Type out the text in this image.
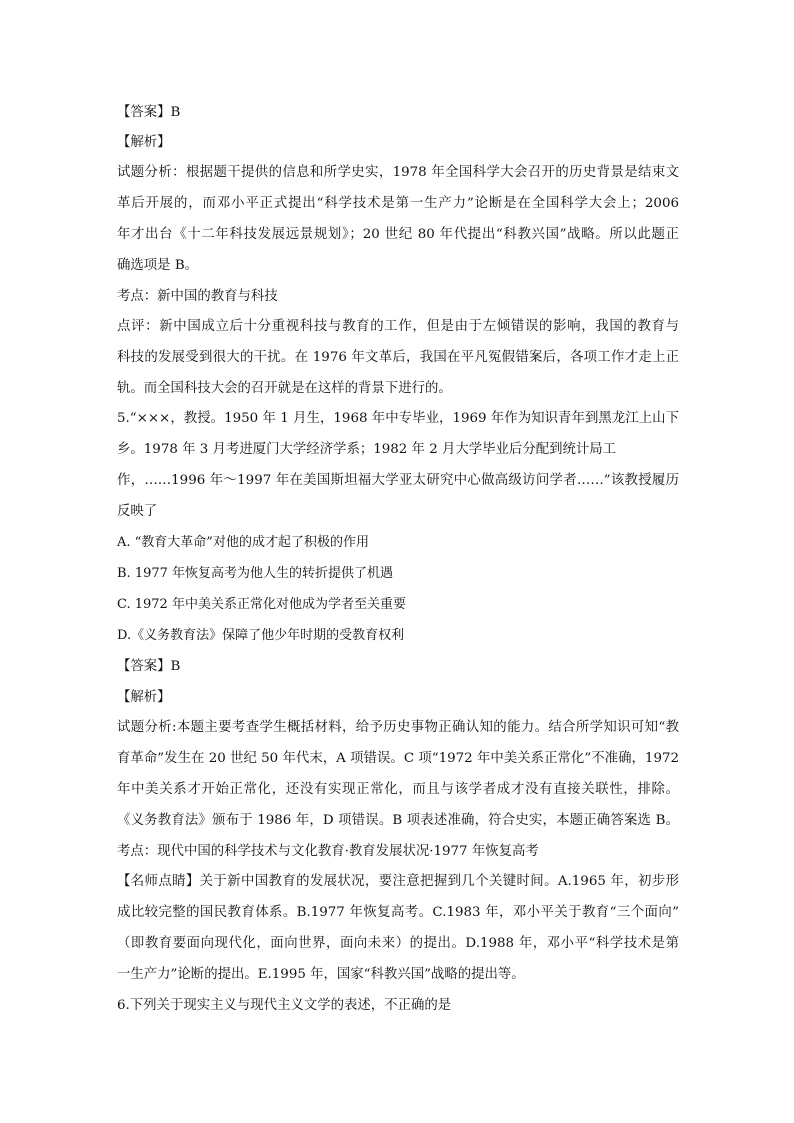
【答案】B
【解析】
试题分析：根据题干提供的信息和所学史实，1978 年全国科学大会召开的历史背景是结束文
革后开展的，而邓小平正式提出“科学技术是第一生产力”论断是在全国科学大会上；2006
年才出台《十二年科技发展远景规划》；20 世纪 80 年代提出“科教兴国”战略。所以此题正
确选项是 B。
考点：新中国的教育与科技
点评：新中国成立后十分重视科技与教育的工作，但是由于左倾错误的影响，我国的教育与
科技的发展受到很大的干扰。在 1976 年文革后，我国在平凡冤假错案后，各项工作才走上正
轨。而全国科技大会的召开就是在这样的背景下进行的。
5.“×××，教授。1950 年 1 月生，1968 年中专毕业，1969 年作为知识青年到黑龙江上山下
乡。1978 年 3 月考进厦门大学经济学系；1982 年 2 月大学毕业后分配到统计局工
作，……1996 年～1997 年在美国斯坦福大学亚太研究中心做高级访问学者……”该教授履历
反映了
A. “教育大革命”对他的成才起了积极的作用
B. 1977 年恢复高考为他人生的转折提供了机遇
C. 1972 年中美关系正常化对他成为学者至关重要
D.《义务教育法》保障了他少年时期的受教育权利
【答案】B
【解析】
试题分析:本题主要考查学生概括材料，给予历史事物正确认知的能力。结合所学知识可知“教
育革命”发生在 20 世纪 50 年代末，A 项错误。C 项“1972 年中美关系正常化”不准确，1972
年中美关系才开始正常化，还没有实现正常化，而且与该学者成才没有直接关联性，排除。
《义务教育法》颁布于 1986 年，D 项错误。B 项表述准确，符合史实，本题正确答案选 B。
考点：现代中国的科学技术与文化教育·教育发展状况·1977 年恢复高考
【名师点睛】关于新中国教育的发展状况，要注意把握到几个关键时间。A.1965 年，初步形
成比较完整的国民教育体系。B.1977 年恢复高考。C.1983 年，邓小平关于教育“三个面向”
（即教育要面向现代化，面向世界，面向未来）的提出。D.1988 年，邓小平“科学技术是第
一生产力”论断的提出。E.1995 年，国家“科教兴国”战略的提出等。
6.下列关于现实主义与现代主义文学的表述，不正确的是
